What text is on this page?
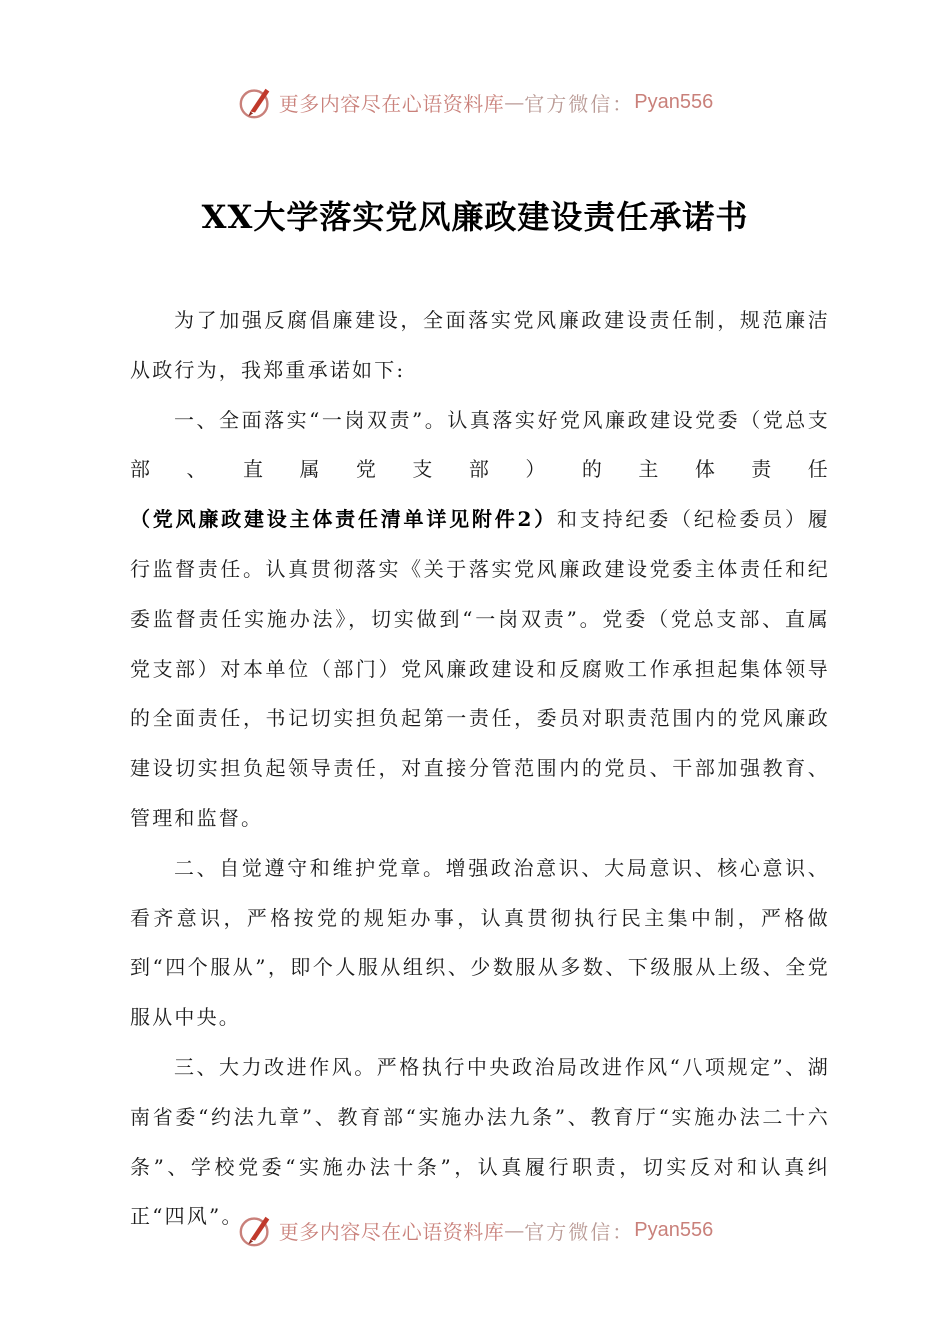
更多内容尽在心语资料库 — 官方微信： Pyan556
XX大学落实党风廉政建设责任承诺书

为了加强反腐倡廉建设，全面落实党风廉政建设责任制，规范廉洁从政行为，我郑重承诺如下:

一、全面落实“一岗双责”。认真落实好党风廉政建设党委（党总支部、直属党支部）的主体责任（党风廉政建设主体责任清单详见附件2）和支持纪委（纪检委员）履行监督责任。认真贯彻落实《关于落实党风廉政建设党委主体责任和纪委监督责任实施办法》，切实做到“一岗双责”。党委（党总支部、直属党支部）对本单位（部门）党风廉政建设和反腐败工作承担起集体领导的全面责任，书记切实担负起第一责任，委员对职责范围内的党风廉政建设切实担负起领导责任，对直接分管范围内的党员、干部加强教育、管理和监督。

二、自觉遵守和维护党章。增强政治意识、大局意识、核心意识、看齐意识，严格按党的规矩办事，认真贯彻执行民主集中制，严格做到“四个服从”，即个人服从组织、少数服从多数、下级服从上级、全党服从中央。

三、大力改进作风。严格执行中央政治局改进作风“八项规定”、湖南省委“约法九章”、教育部“实施办法九条”、教育厅“实施办法二十六条”、学校党委“实施办法十条”，认真履行职责，切实反对和认真纠正“四风”。

更多内容尽在心语资料库 — 官方微信： Pyan556
